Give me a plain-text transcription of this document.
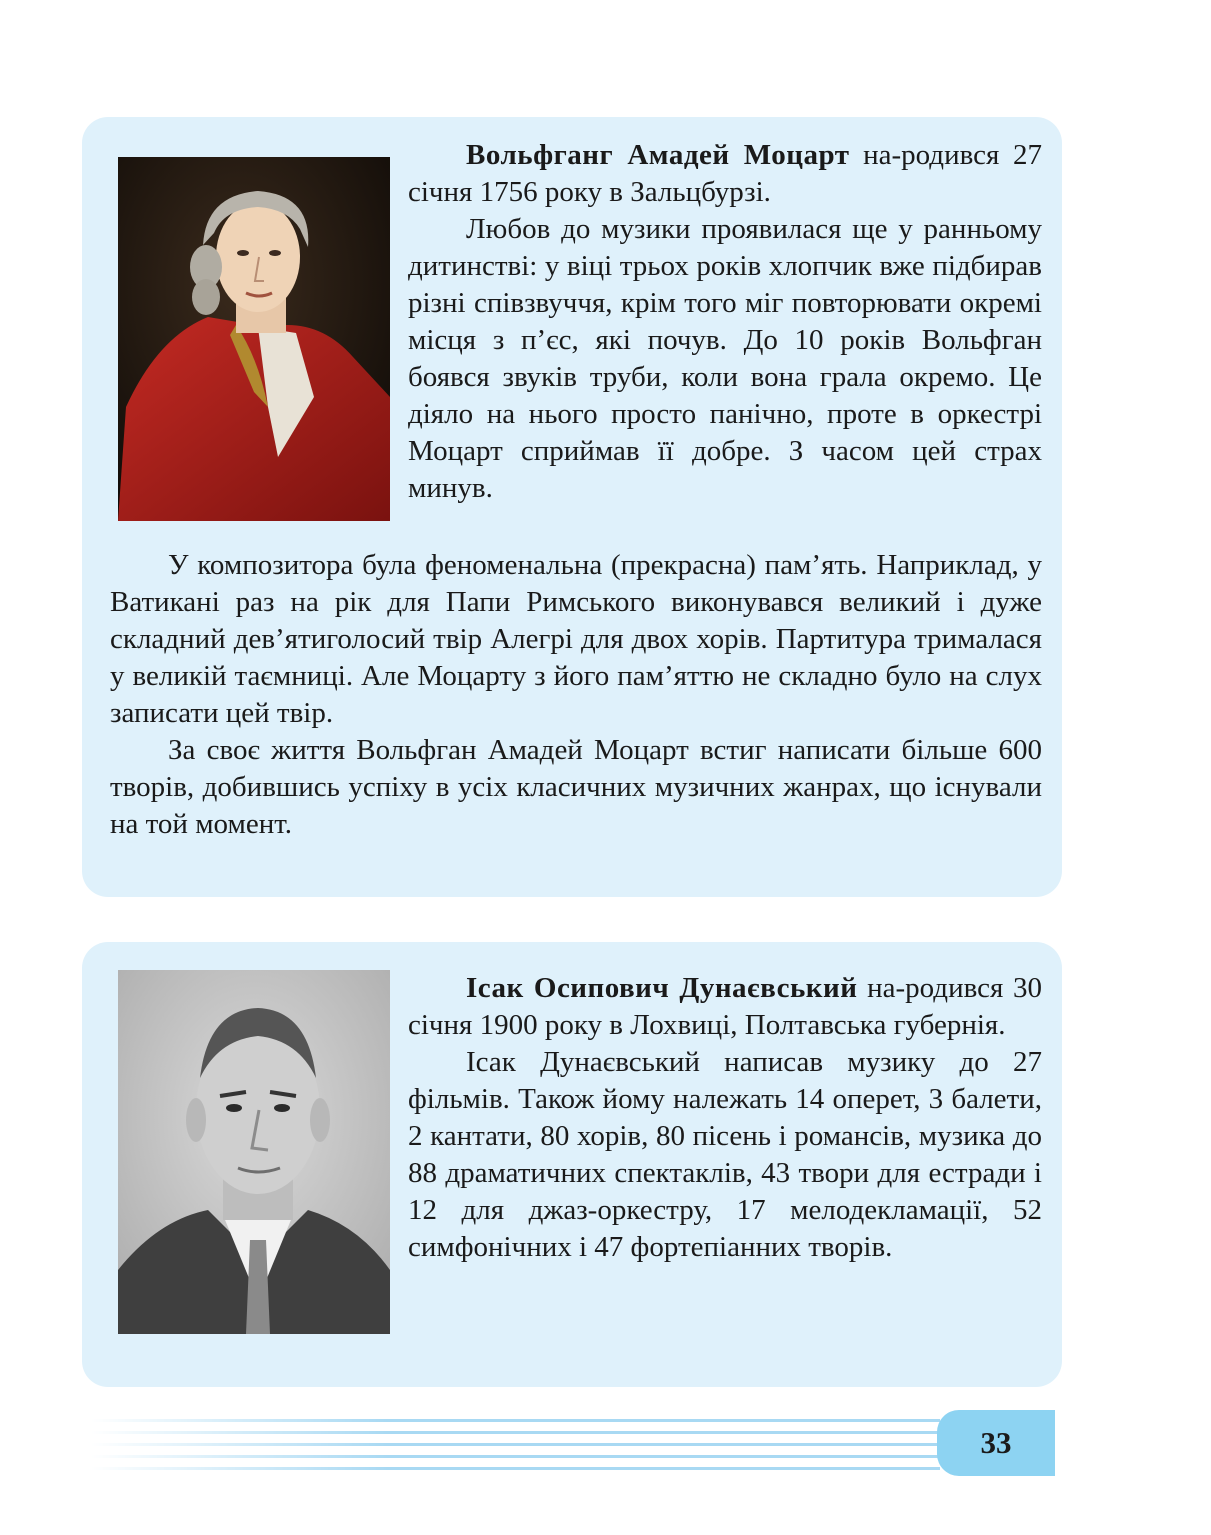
Вольфганг Амадей Моцарт на-родився 27 січня 1756 року в Зальцбурзі.

Любов до музики проявилася ще у ранньому дитинстві: у віці трьох років хлопчик вже підбирав різні співзвуччя, крім того міг повторювати окремі місця з п’єс, які почув. До 10 років Вольфган боявся звуків труби, коли вона грала окремо. Це діяло на нього просто панічно, проте в оркестрі Моцарт сприймав її добре. З часом цей страх минув.

У композитора була феноменальна (прекрасна) пам’ять. Наприклад, у Ватикані раз на рік для Папи Римського виконувався великий і дуже складний дев’ятиголосий твір Алегрі для двох хорів. Партитура трималася у великій таємниці. Але Моцарту з його пам’яттю не складно було на слух записати цей твір.

За своє життя Вольфган Амадей Моцарт встиг написати більше 600 творів, добившись успіху в усіх класичних музичних жанрах, що існували на той момент.

Ісак Осипович Дунаєвський на-родився 30 січня 1900 року в Лохвиці, Полтавська губернія.

Ісак Дунаєвський написав музику до 27 фільмів. Також йому належать 14 оперет, 3 балети, 2 кантати, 80 хорів, 80 пісень і романсів, музика до 88 драматичних спектаклів, 43 твори для естради і 12 для джаз-оркестру, 17 мелодекламації, 52 симфонічних і 47 фортепіанних творів.

33
